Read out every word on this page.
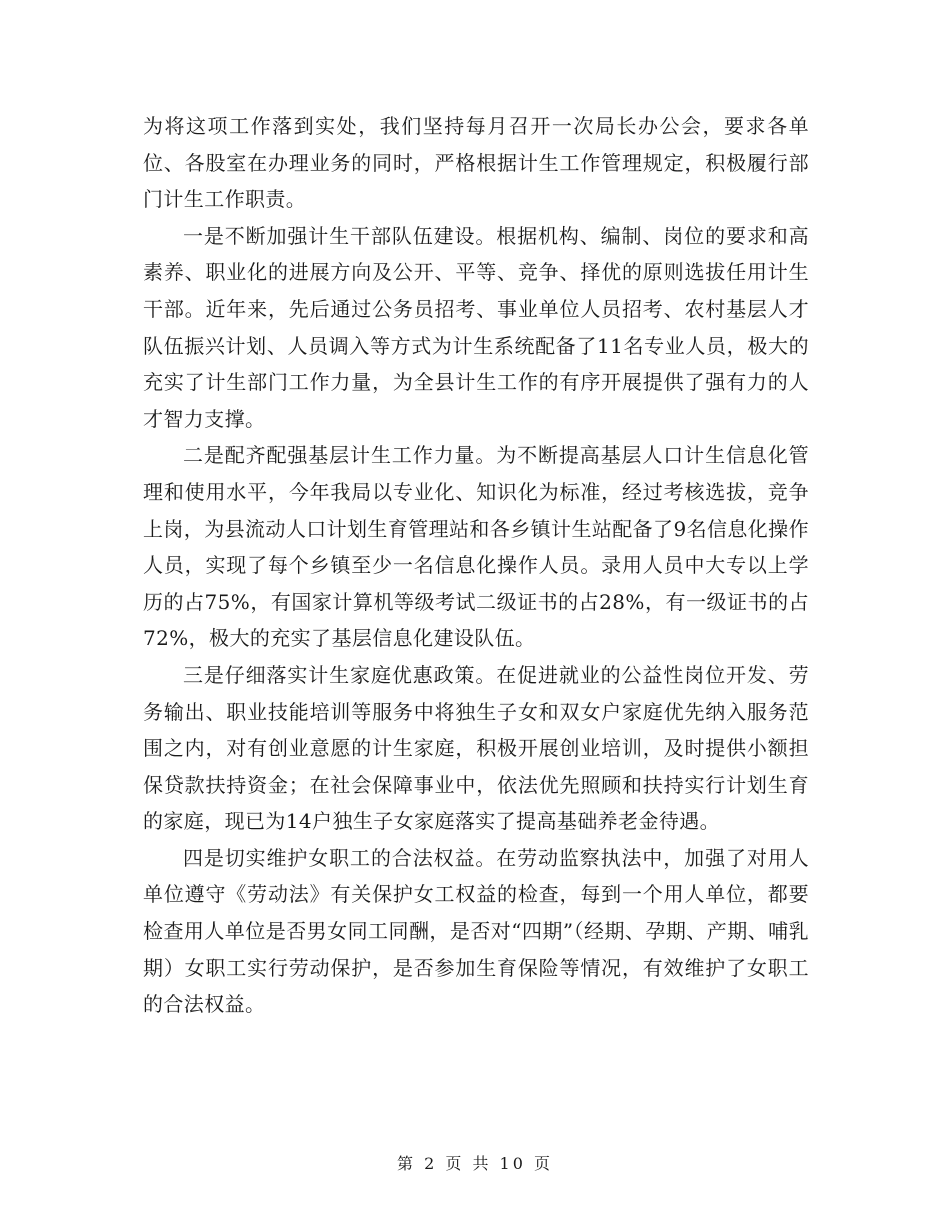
为将这项工作落到实处，我们坚持每月召开一次局长办公会，要求各单位、各股室在办理业务的同时，严格根据计生工作管理规定，积极履行部门计生工作职责。

一是不断加强计生干部队伍建设。根据机构、编制、岗位的要求和高素养、职业化的进展方向及公开、平等、竞争、择优的原则选拔任用计生干部。近年来，先后通过公务员招考、事业单位人员招考、农村基层人才队伍振兴计划、人员调入等方式为计生系统配备了11名专业人员，极大的充实了计生部门工作力量，为全县计生工作的有序开展提供了强有力的人才智力支撑。

二是配齐配强基层计生工作力量。为不断提高基层人口计生信息化管理和使用水平，今年我局以专业化、知识化为标准，经过考核选拔，竞争上岗，为县流动人口计划生育管理站和各乡镇计生站配备了9名信息化操作人员，实现了每个乡镇至少一名信息化操作人员。录用人员中大专以上学历的占75%，有国家计算机等级考试二级证书的占28%，有一级证书的占72%，极大的充实了基层信息化建设队伍。

三是仔细落实计生家庭优惠政策。在促进就业的公益性岗位开发、劳务输出、职业技能培训等服务中将独生子女和双女户家庭优先纳入服务范围之内，对有创业意愿的计生家庭，积极开展创业培训，及时提供小额担保贷款扶持资金；在社会保障事业中，依法优先照顾和扶持实行计划生育的家庭，现已为14户独生子女家庭落实了提高基础养老金待遇。

四是切实维护女职工的合法权益。在劳动监察执法中，加强了对用人单位遵守《劳动法》有关保护女工权益的检查，每到一个用人单位，都要检查用人单位是否男女同工同酬，是否对“四期”（经期、孕期、产期、哺乳期）女职工实行劳动保护，是否参加生育保险等情况，有效维护了女职工的合法权益。

第 2 页 共 10 页
